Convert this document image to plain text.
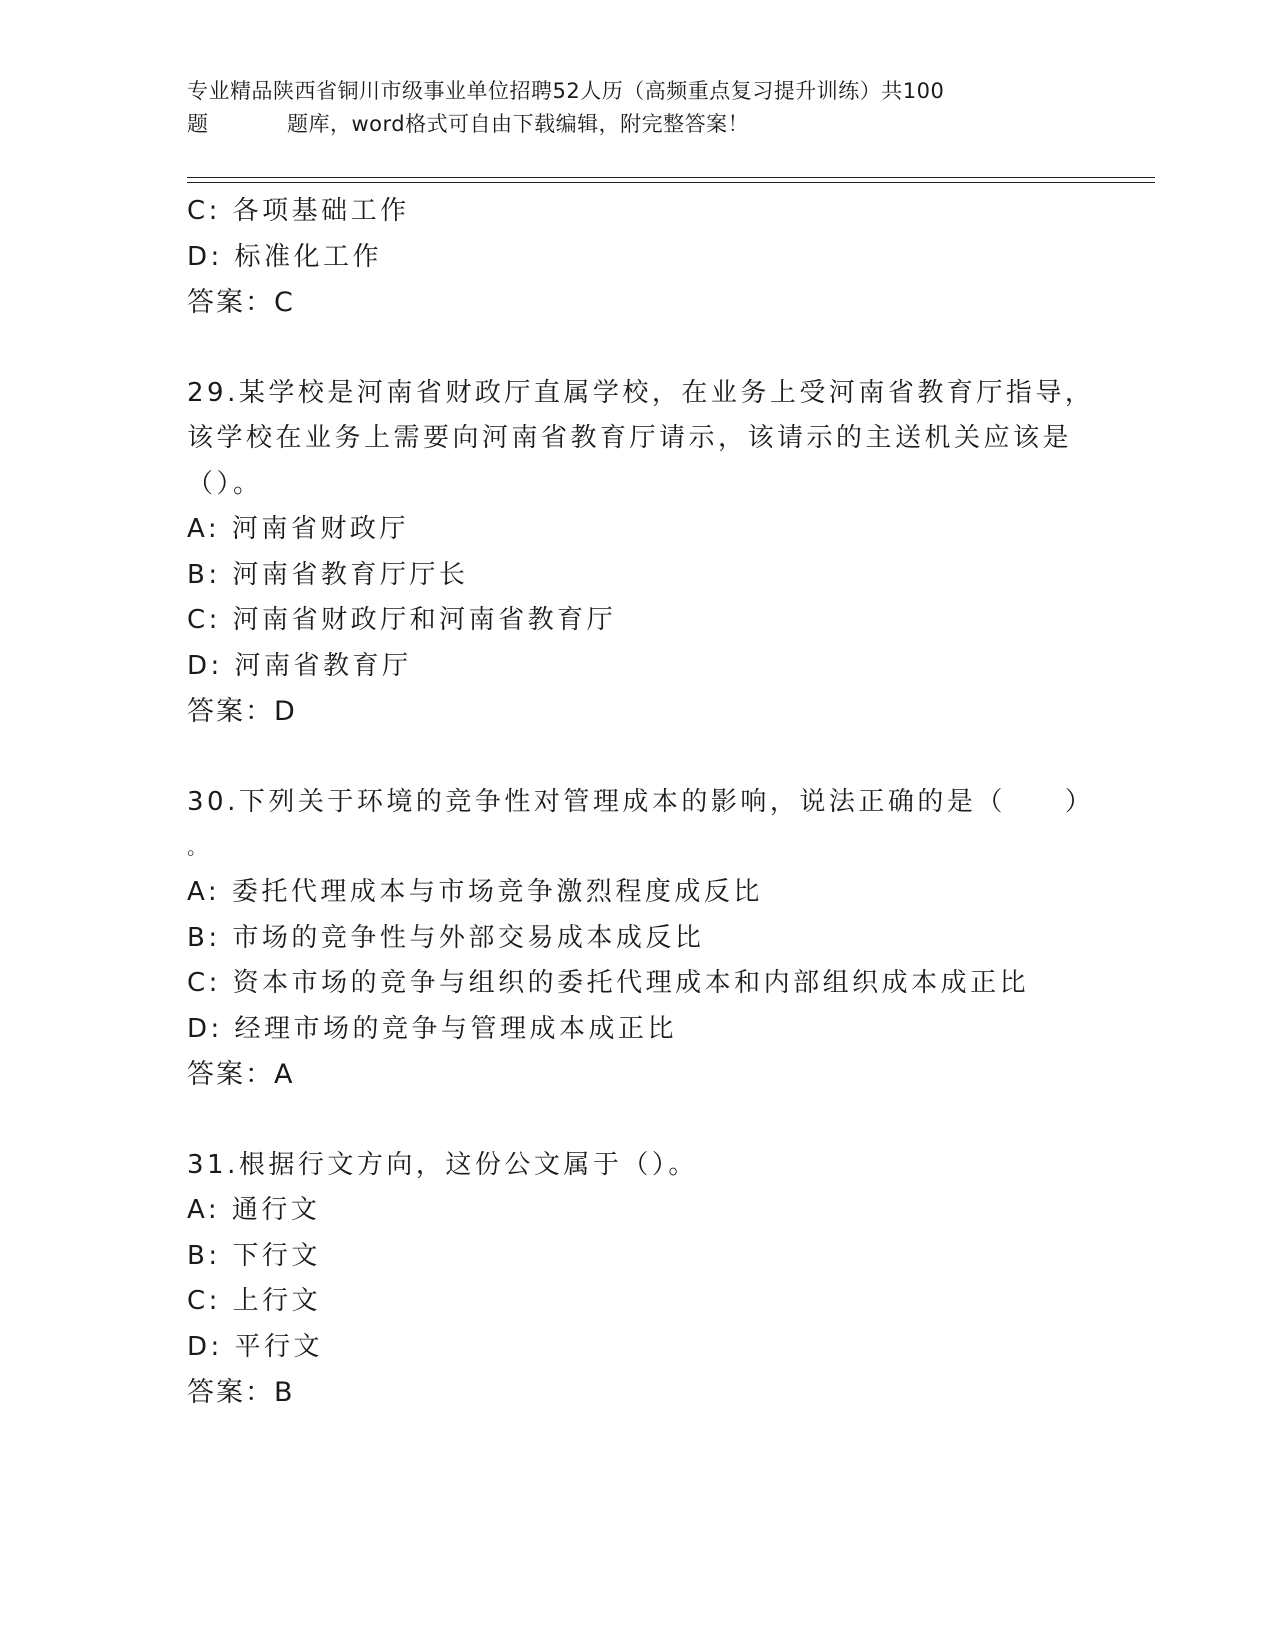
专业精品陕西省铜川市级事业单位招聘52人历（高频重点复习提升训练）共100
题	题库，word格式可自由下载编辑，附完整答案！
C: 各项基础工作
D: 标准化工作
答案：C
29.某学校是河南省财政厅直属学校，在业务上受河南省教育厅指导，
该学校在业务上需要向河南省教育厅请示，该请示的主送机关应该是
（）。
A: 河南省财政厅
B: 河南省教育厅厅长
C: 河南省财政厅和河南省教育厅
D: 河南省教育厅
答案：D
30.下列关于环境的竞争性对管理成本的影响，说法正确的是（　　）
。
A: 委托代理成本与市场竞争激烈程度成反比
B: 市场的竞争性与外部交易成本成反比
C: 资本市场的竞争与组织的委托代理成本和内部组织成本成正比
D: 经理市场的竞争与管理成本成正比
答案：A
31.根据行文方向，这份公文属于（）。
A: 通行文
B: 下行文
C: 上行文
D: 平行文
答案：B
